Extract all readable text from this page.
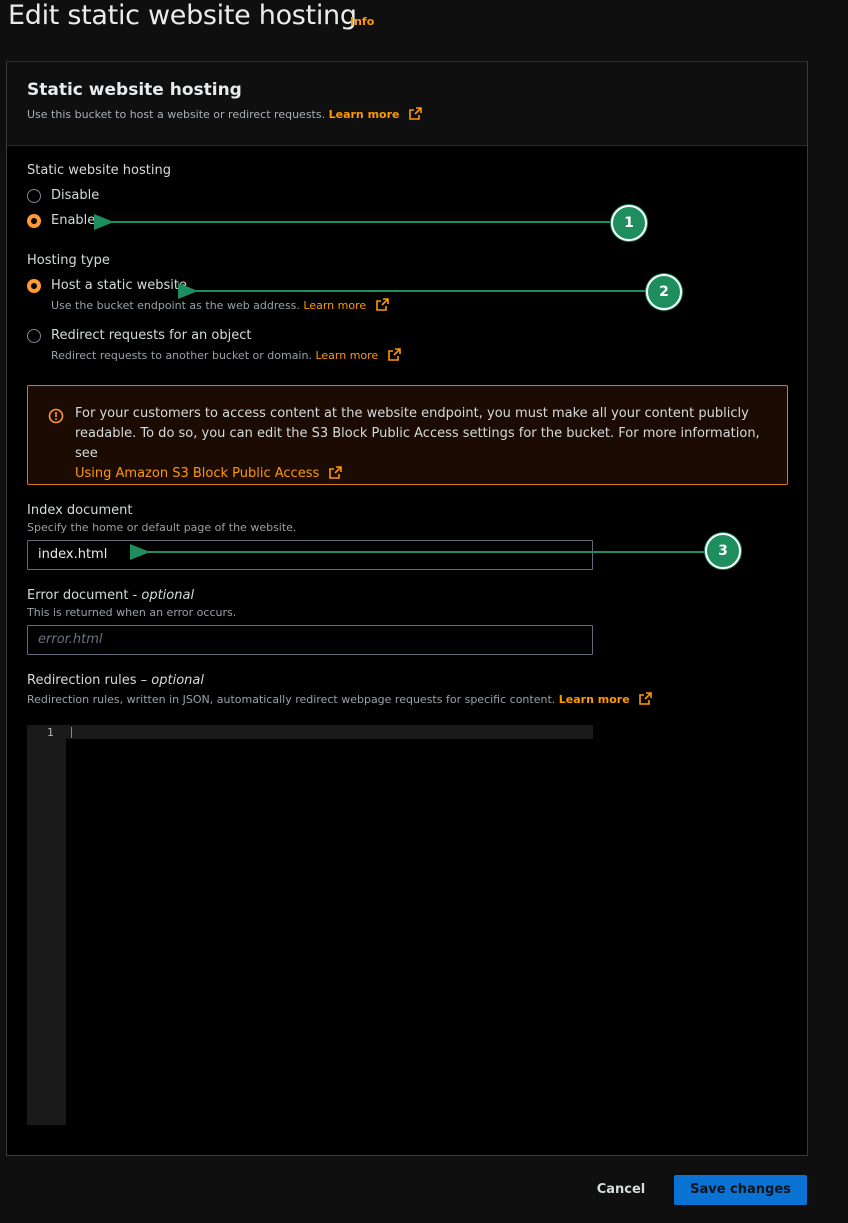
Edit static website hosting
Info
Static website hosting
Use this bucket to host a website or redirect requests. Learn more
Static website hosting
Disable
Enable
Hosting type
Host a static website
Use the bucket endpoint as the web address. Learn more
Redirect requests for an object
Redirect requests to another bucket or domain. Learn more
For your customers to access content at the website endpoint, you must make all your content publicly readable. To do so, you can edit the S3 Block Public Access settings for the bucket. For more information, see
Using Amazon S3 Block Public Access
Index document
Specify the home or default page of the website.
index.html
Error document - optional
This is returned when an error occurs.
error.html
Redirection rules – optional
Redirection rules, written in JSON, automatically redirect webpage requests for specific content. Learn more
1
1
2
3
Cancel	Save changes
